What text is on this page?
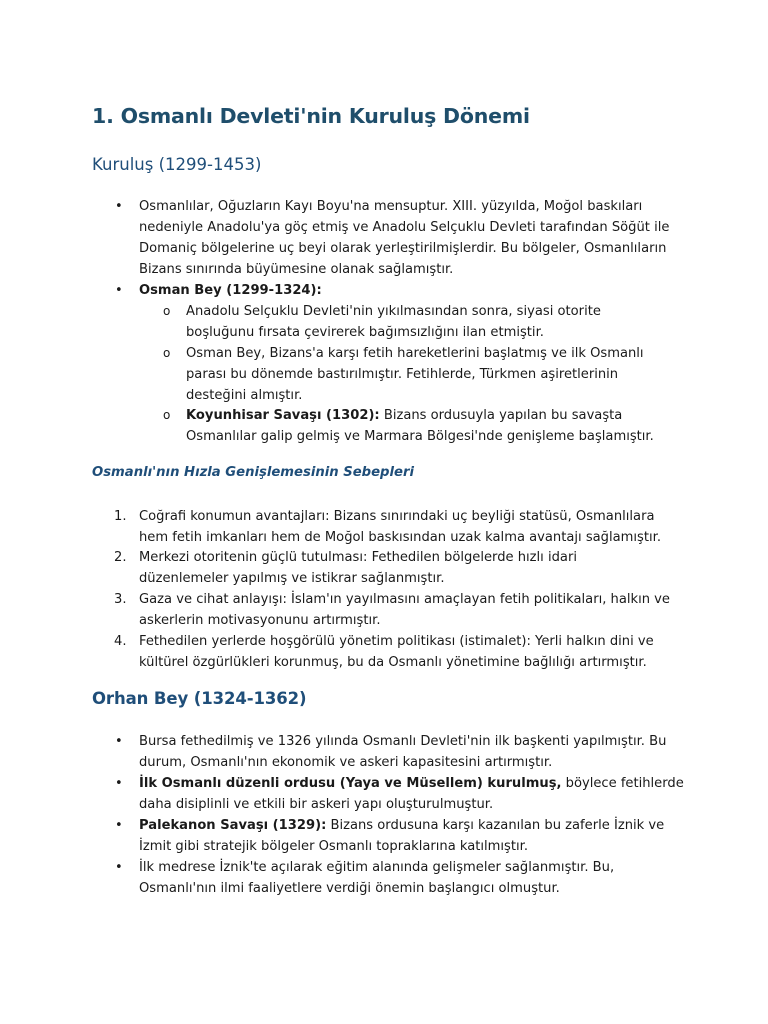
1. Osmanlı Devleti'nin Kuruluş Dönemi
Kuruluş (1299-1453)
• Osmanlılar, Oğuzların Kayı Boyu'na mensuptur. XIII. yüzyılda, Moğol baskıları
nedeniyle Anadolu'ya göç etmiş ve Anadolu Selçuklu Devleti tarafından Söğüt ile
Domaniç bölgelerine uç beyi olarak yerleştirilmişlerdir. Bu bölgeler, Osmanlıların
Bizans sınırında büyümesine olanak sağlamıştır.
• Osman Bey (1299-1324):
o Anadolu Selçuklu Devleti'nin yıkılmasından sonra, siyasi otorite
boşluğunu fırsata çevirerek bağımsızlığını ilan etmiştir.
o Osman Bey, Bizans'a karşı fetih hareketlerini başlatmış ve ilk Osmanlı
parası bu dönemde bastırılmıştır. Fetihlerde, Türkmen aşiretlerinin
desteğini almıştır.
o Koyunhisar Savaşı (1302): Bizans ordusuyla yapılan bu savaşta
Osmanlılar galip gelmiş ve Marmara Bölgesi'nde genişleme başlamıştır.
Osmanlı'nın Hızla Genişlemesinin Sebepleri
1. Coğrafi konumun avantajları: Bizans sınırındaki uç beyliği statüsü, Osmanlılara
hem fetih imkanları hem de Moğol baskısından uzak kalma avantajı sağlamıştır.
2. Merkezi otoritenin güçlü tutulması: Fethedilen bölgelerde hızlı idari
düzenlemeler yapılmış ve istikrar sağlanmıştır.
3. Gaza ve cihat anlayışı: İslam'ın yayılmasını amaçlayan fetih politikaları, halkın ve
askerlerin motivasyonunu artırmıştır.
4. Fethedilen yerlerde hoşgörülü yönetim politikası (istimalet): Yerli halkın dini ve
kültürel özgürlükleri korunmuş, bu da Osmanlı yönetimine bağlılığı artırmıştır.
Orhan Bey (1324-1362)
• Bursa fethedilmiş ve 1326 yılında Osmanlı Devleti'nin ilk başkenti yapılmıştır. Bu
durum, Osmanlı'nın ekonomik ve askeri kapasitesini artırmıştır.
• İlk Osmanlı düzenli ordusu (Yaya ve Müsellem) kurulmuş, böylece fetihlerde
daha disiplinli ve etkili bir askeri yapı oluşturulmuştur.
• Palekanon Savaşı (1329): Bizans ordusuna karşı kazanılan bu zaferle İznik ve
İzmit gibi stratejik bölgeler Osmanlı topraklarına katılmıştır.
• İlk medrese İznik'te açılarak eğitim alanında gelişmeler sağlanmıştır. Bu,
Osmanlı'nın ilmi faaliyetlere verdiği önemin başlangıcı olmuştur.
